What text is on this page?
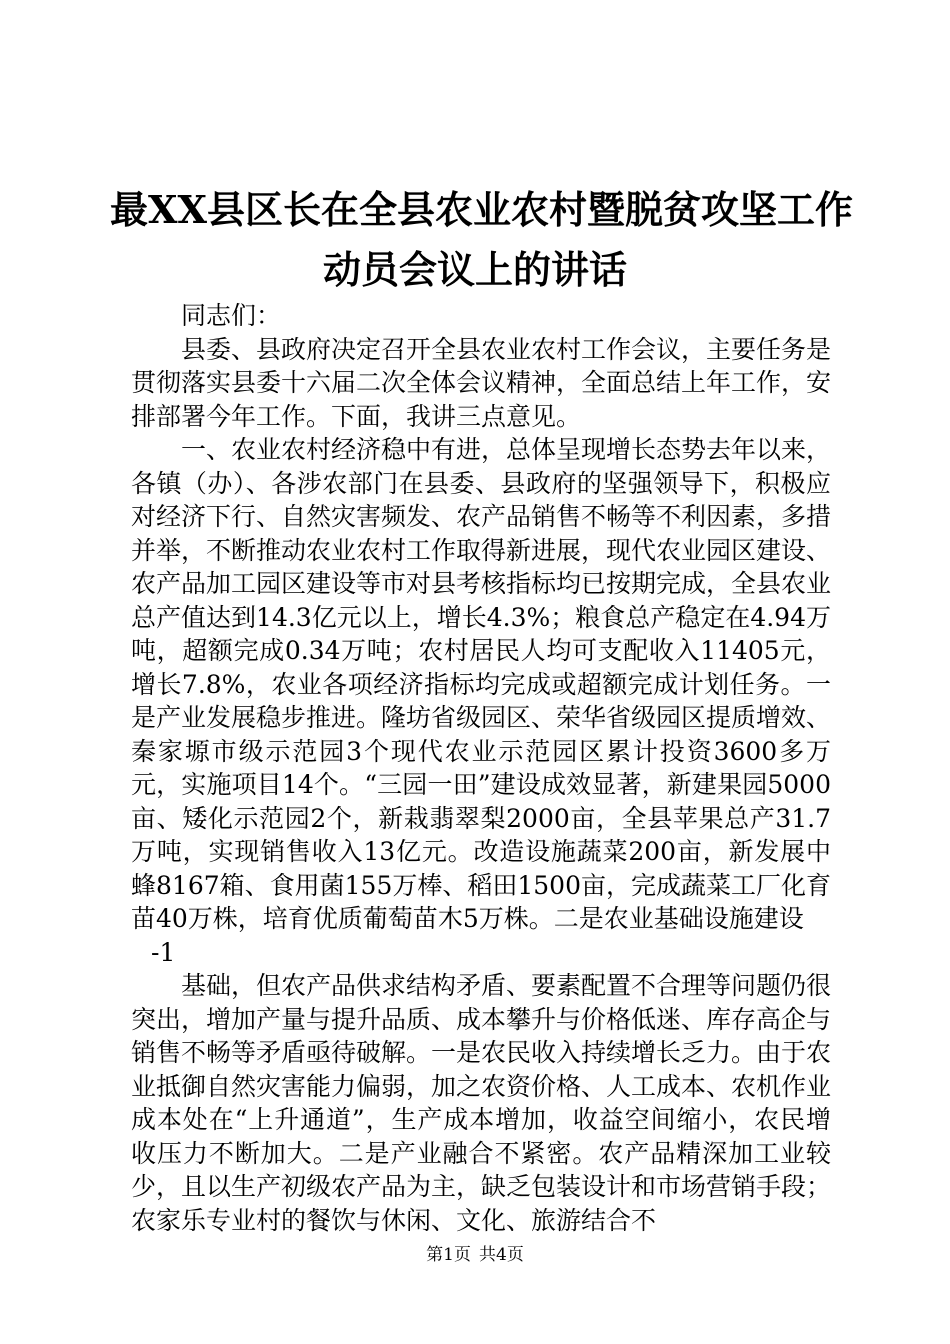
最XX县区长在全县农业农村暨脱贫攻坚工作
动员会议上的讲话

同志们：

县委、县政府决定召开全县农业农村工作会议，主要任务是贯彻落实县委十六届二次全体会议精神，全面总结上年工作，安排部署今年工作。下面，我讲三点意见。

一、农业农村经济稳中有进，总体呈现增长态势去年以来，各镇（办）、各涉农部门在县委、县政府的坚强领导下，积极应对经济下行、自然灾害频发、农产品销售不畅等不利因素，多措并举，不断推动农业农村工作取得新进展，现代农业园区建设、农产品加工园区建设等市对县考核指标均已按期完成，全县农业总产值达到14.3亿元以上，增长4.3%；粮食总产稳定在4.94万吨，超额完成0.34万吨；农村居民人均可支配收入11405元，增长7.8%，农业各项经济指标均完成或超额完成计划任务。一是产业发展稳步推进。隆坊省级园区、荣华省级园区提质增效、秦家塬市级示范园3个现代农业示范园区累计投资3600多万元，实施项目14个。“三园一田”建设成效显著，新建果园5000亩、矮化示范园2个，新栽翡翠梨2000亩，全县苹果总产31.7万吨，实现销售收入13亿元。改造设施蔬菜200亩，新发展中蜂8167箱、食用菌155万棒、稻田1500亩，完成蔬菜工厂化育苗40万株，培育优质葡萄苗木5万株。二是农业基础设施建设

-1

基础，但农产品供求结构矛盾、要素配置不合理等问题仍很突出，增加产量与提升品质、成本攀升与价格低迷、库存高企与销售不畅等矛盾亟待破解。一是农民收入持续增长乏力。由于农业抵御自然灾害能力偏弱，加之农资价格、人工成本、农机作业成本处在“上升通道”，生产成本增加，收益空间缩小，农民增收压力不断加大。二是产业融合不紧密。农产品精深加工业较少，且以生产初级农产品为主，缺乏包装设计和市场营销手段；农家乐专业村的餐饮与休闲、文化、旅游结合不

第1页 共4页
